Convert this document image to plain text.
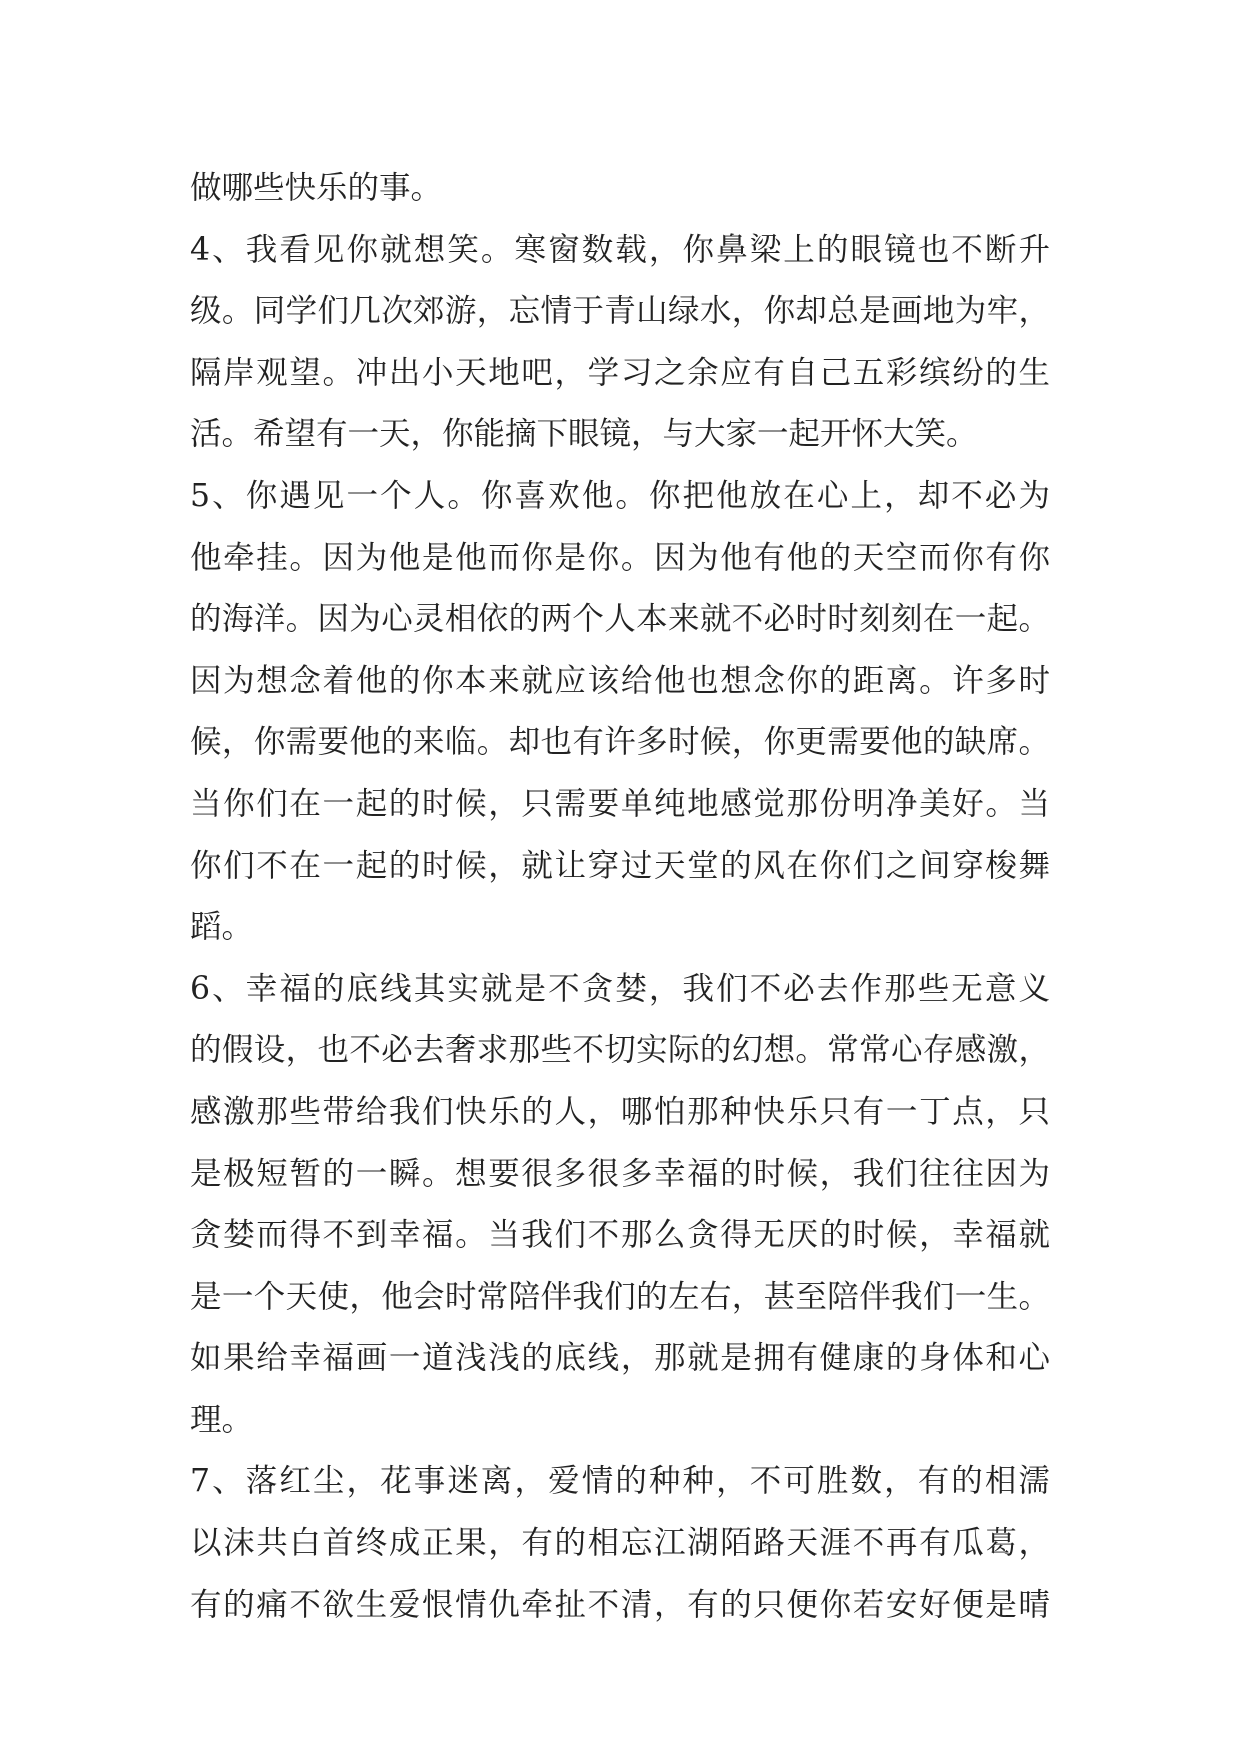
做哪些快乐的事。
4、我看见你就想笑。寒窗数载，你鼻梁上的眼镜也不断升
级。同学们几次郊游，忘情于青山绿水，你却总是画地为牢，
隔岸观望。冲出小天地吧，学习之余应有自己五彩缤纷的生
活。希望有一天，你能摘下眼镜，与大家一起开怀大笑。
5、你遇见一个人。你喜欢他。你把他放在心上，却不必为
他牵挂。因为他是他而你是你。因为他有他的天空而你有你
的海洋。因为心灵相依的两个人本来就不必时时刻刻在一起。
因为想念着他的你本来就应该给他也想念你的距离。许多时
候，你需要他的来临。却也有许多时候，你更需要他的缺席。
当你们在一起的时候，只需要单纯地感觉那份明净美好。当
你们不在一起的时候，就让穿过天堂的风在你们之间穿梭舞
蹈。
6、幸福的底线其实就是不贪婪，我们不必去作那些无意义
的假设，也不必去奢求那些不切实际的幻想。常常心存感激，
感激那些带给我们快乐的人，哪怕那种快乐只有一丁点，只
是极短暂的一瞬。想要很多很多幸福的时候，我们往往因为
贪婪而得不到幸福。当我们不那么贪得无厌的时候，幸福就
是一个天使，他会时常陪伴我们的左右，甚至陪伴我们一生。
如果给幸福画一道浅浅的底线，那就是拥有健康的身体和心
理。
7、落红尘，花事迷离，爱情的种种，不可胜数，有的相濡
以沫共白首终成正果，有的相忘江湖陌路天涯不再有瓜葛，
有的痛不欲生爱恨情仇牵扯不清，有的只便你若安好便是晴
